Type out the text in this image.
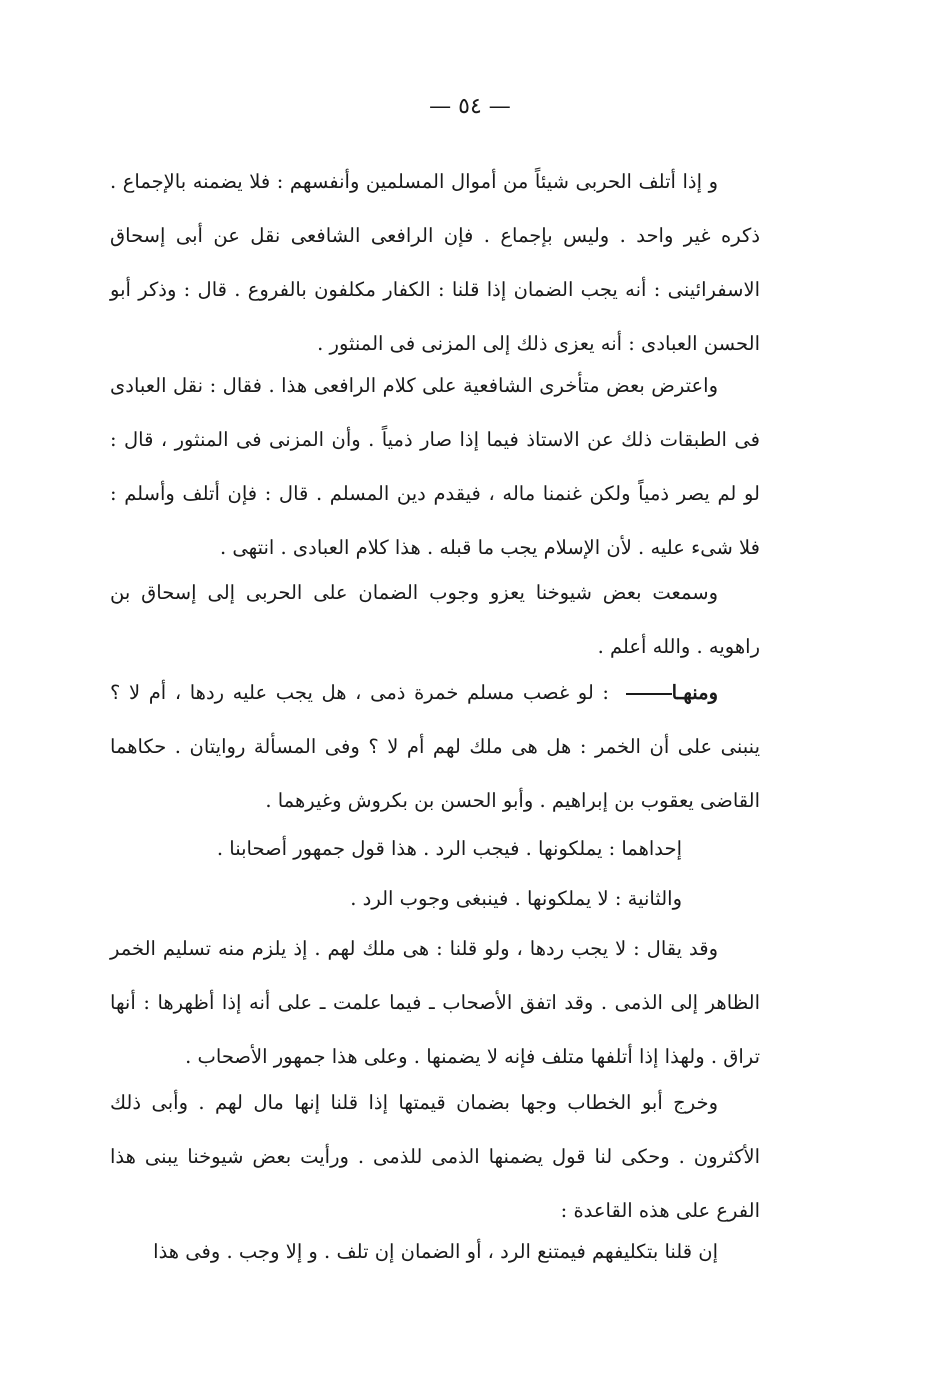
— ٥٤ —

و إذا أتلف الحربى شيئاً من أموال المسلمين وأنفسهم : فلا يضمنه بالإجماع . ذكره غير واحد . وليس بإجماع . فإن الرافعى الشافعى نقل عن أبى إسحاق الاسفرائينى : أنه يجب الضمان إذا قلنا : الكفار مكلفون بالفروع . قال : وذكر أبو الحسن العبادى : أنه يعزى ذلك إلى المزنى فى المنثور .

واعترض بعض متأخرى الشافعية على كلام الرافعى هذا . فقال : نقل العبادى فى الطبقات ذلك عن الاستاذ فيما إذا صار ذمياً . وأن المزنى فى المنثور ، قال : لو لم يصر ذمياً ولكن غنمنا ماله ، فيقدم دين المسلم . قال : فإن أتلف وأسلم : فلا شىء عليه . لأن الإسلام يجب ما قبله . هذا كلام العبادى . انتهى .

وسمعت بعض شيوخنا يعزو وجوب الضمان على الحربى إلى إسحاق بن راهويه . والله أعلم .

ومنهـا : لو غصب مسلم خمرة ذمى ، هل يجب عليه ردها ، أم لا ؟ ينبنى على أن الخمر : هل هى ملك لهم أم لا ؟ وفى المسألة روايتان . حكاهما القاضى يعقوب بن إبراهيم . وأبو الحسن بن بكروش وغيرهما .

إحداهما : يملكونها . فيجب الرد . هذا قول جمهور أصحابنا .

والثانية : لا يملكونها . فينبغى وجوب الرد .

وقد يقال : لا يجب ردها ، ولو قلنا : هى ملك لهم . إذ يلزم منه تسليم الخمر الظاهر إلى الذمى . وقد اتفق الأصحاب ـ فيما علمت ـ على أنه إذا أظهرها : أنها تراق . ولهذا إذا أتلفها متلف فإنه لا يضمنها . وعلى هذا جمهور الأصحاب .

وخرج أبو الخطاب وجها بضمان قيمتها إذا قلنا إنها مال لهم . وأبى ذلك الأكثرون . وحكى لنا قول يضمنها الذمى للذمى . ورأيت بعض شيوخنا يبنى هذا الفرع على هذه القاعدة :

إن قلنا بتكليفهم فيمتنع الرد ، أو الضمان إن تلف . و إلا وجب . وفى هذا
